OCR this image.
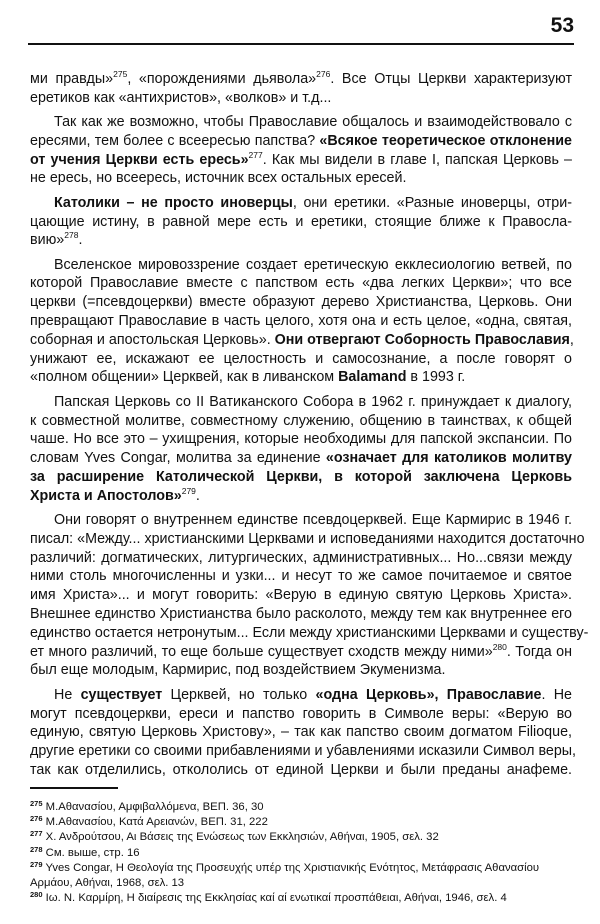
53
ми правды»$^{275}$, «порождениями дьявола»$^{276}$. Все Отцы Церкви характеризуют
еретиков как «антихристов», «волков» и т.д...
Так как же возможно, чтобы Православие общалось и взаимодействовало с
ересями, тем более с всеересью папства? «Всякое теоретическое отклонение
от учения Церкви есть ересь»$^{277}$. Как мы видели в главе I, папская Церковь –
не ересь, но всеересь, источник всех остальных ересей.
Католики – не просто иноверцы, они еретики. «Разные иноверцы, отри-
цающие истину, в равной мере есть и еретики, стоящие ближе к Правосла-
вию»$^{278}$.
Вселенское мировоззрение создает еретическую екклесиологию ветвей, по
которой Православие вместе с папством есть «два легких Церкви»; что все
церкви (=псевдоцеркви) вместе образуют дерево Христианства, Церковь. Они
превращают Православие в часть целого, хотя она и есть целое, «одна, святая,
соборная и апостольская Церковь». Они отвергают Соборность Православия,
унижают ее, искажают ее целостность и самосознание, а после говорят о
«полном общении» Церквей, как в ливанском Balamand в 1993 г.
Папская Церковь со II Ватиканского Собора в 1962 г. принуждает к диалогу,
к совместной молитве, совместному служению, общению в таинствах, к общей
чаше. Но все это – ухищрения, которые необходимы для папской экспансии. По
словам Yves Congar, молитва за единение «означает для католиков молитву
за расширение Католической Церкви, в которой заключена Церковь
Христа и Апостолов»$^{279}$.
Они говорят о внутреннем единстве псевдоцерквей. Еще Кармирис в 1946 г.
писал: «Между... христианскими Церквами и исповеданиями находится достаточно
различий: догматических, литургических, административных... Но...связи между
ними столь многочисленны и узки... и несут то же самое почитаемое и святое
имя Христа»... и могут говорить: «Верую в единую святую Церковь Христа».
Внешнее единство Христианства было расколото, между тем как внутреннее его
единство остается нетронутым... Если между христианскими Церквами и существу-
ет много различий, то еще больше существует сходств между ними»$^{280}$. Тогда он
был еще молодым, Кармирис, под воздействием Экуменизма.
Не существует Церквей, но только «одна Церковь», Православие. Не
могут псевдоцеркви, ереси и папство говорить в Символе веры: «Верую во
единую, святую Церковь Христову», – так как папство своим догматом Filioque,
другие еретики со своими прибавлениями и убавлениями исказили Символ веры,
так как отделились, откололись от единой Церкви и были преданы анафеме.
$^{275}$ M.Αθανασίου, Αμφιβαλλόμενα, ΒΕΠ. 36, 30
$^{276}$ M.Αθανασίου, Κατά Αρειανών, ΒΕΠ. 31, 222
$^{277}$ Χ. Ανδρούτσου, Αι Βάσεις της Ενώσεως των Εκκλησιών, Αθήναι, 1905, σελ. 32
$^{278}$ См. выше, стр. 16
$^{279}$ Yves Congar, Η Θεολογία της Προσευχής υπέρ της Χριστιανικής Ενότητος, Μετάφρασις Αθανασίου
Αρμάου, Αθήναι, 1968, σελ. 13
$^{280}$ Ιω. Ν. Καρμίρη, Η διαίρεσις της Εκκλησίας καί αί ενωτικαί προσπάθειαι, Αθήναι, 1946, σελ. 4
